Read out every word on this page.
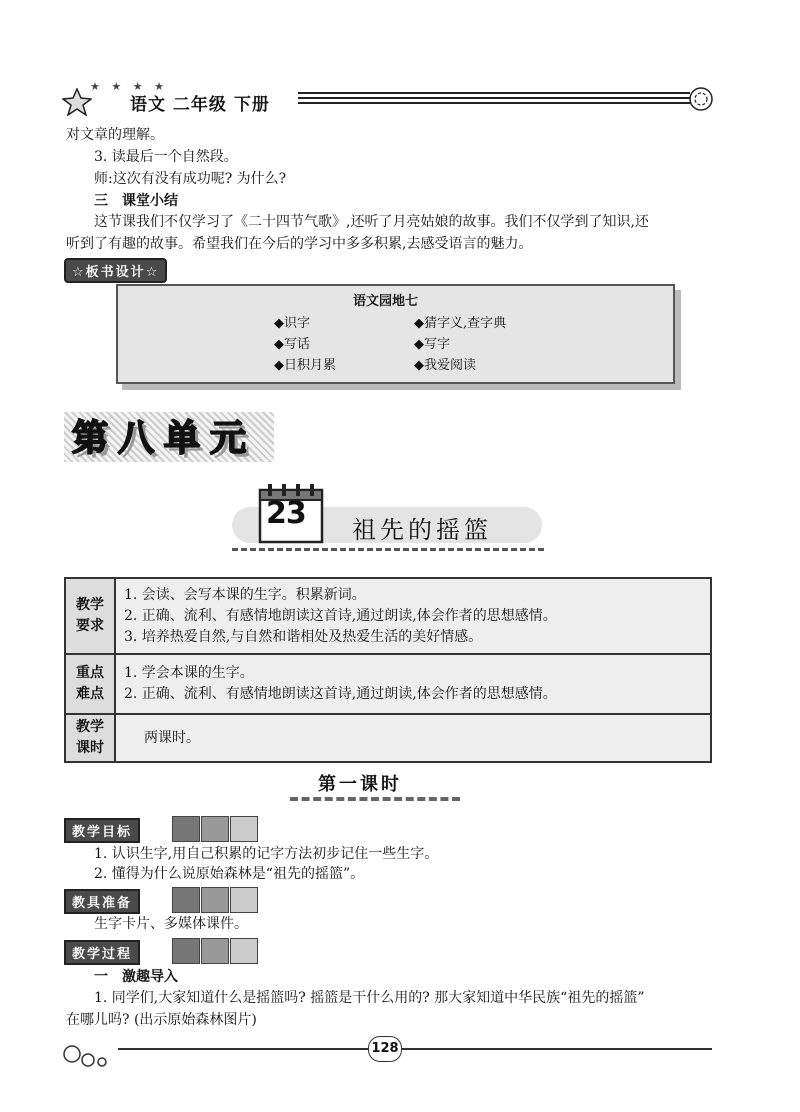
★ ★ ★ ★
语文 二年级 下册
对文章的理解。
3. 读最后一个自然段。
师:这次有没有成功呢? 为什么?
三　课堂小结
这节课我们不仅学习了《二十四节气歌》,还听了月亮姑娘的故事。我们不仅学到了知识,还
听到了有趣的故事。希望我们在今后的学习中多多积累,去感受语言的魅力。
☆板书设计☆
语文园地七
◆识字	◆猜字义,查字典
◆写话	◆写字
◆日积月累	◆我爱阅读
第八单元
23 祖先的摇篮
教学要求	1. 会读、会写本课的生字。积累新词。
2. 正确、流利、有感情地朗读这首诗,通过朗读,体会作者的思想感情。
3. 培养热爱自然,与自然和谐相处及热爱生活的美好情感。

重点难点	1. 学会本课的生字。
2. 正确、流利、有感情地朗读这首诗,通过朗读,体会作者的思想感情。

教学课时	两课时。
第一课时
教学目标
1. 认识生字,用自己积累的记字方法初步记住一些生字。
2. 懂得为什么说原始森林是“祖先的摇篮”。
教具准备
生字卡片、多媒体课件。
教学过程
一　激趣导入
1. 同学们,大家知道什么是摇篮吗? 摇篮是干什么用的? 那大家知道中华民族“祖先的摇篮”
在哪儿吗? (出示原始森林图片)
128
